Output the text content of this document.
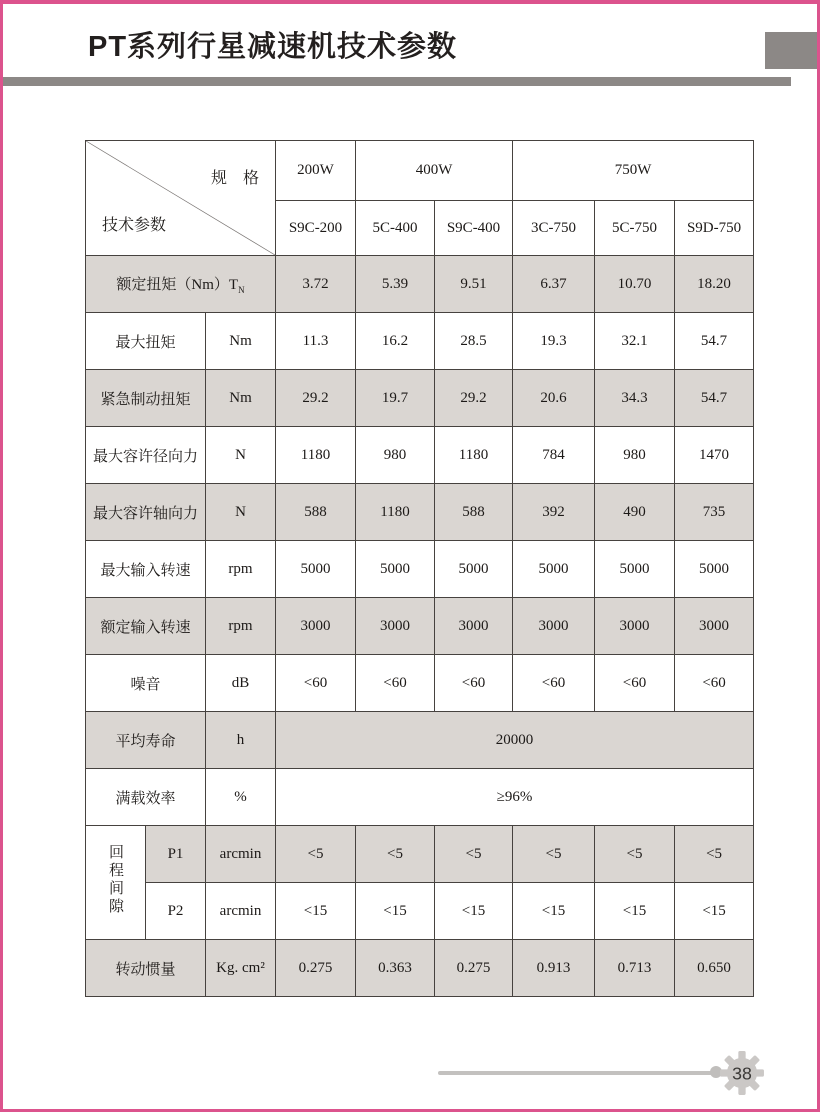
PT系列行星减速机技术参数
规　格
技术参数			200W	400W		750W		
			S9C-200	5C-400	S9C-400	3C-750	5C-750	S9D-750
额定扭矩$(Nm)T_N$			3.72	5.39	9.51	6.37	10.70	18.20
最大扭矩		Nm	11.3	16.2	28.5	19.3	32.1	54.7
紧急制动扭矩		Nm	29.2	19.7	29.2	20.6	34.3	54.7
最大容许径向力		N	1180	980	1180	784	980	1470
最大容许轴向力		N	588	1180	588	392	490	735
最大输入转速		rpm	5000	5000	5000	5000	5000	5000
额定输入转速		rpm	3000	3000	3000	3000	3000	3000
噪音		dB	<60	<60	<60	<60	<60	<60
平均寿命		h	20000					
满载效率		%	≥96%					
回程间隙	P1	arcmin	<5	<5	<5	<5	<5	<5
	P2	arcmin	<15	<15	<15	<15	<15	<15
转动惯量		Kg. cm²	0.275	0.363	0.275	0.913	0.713	0.650
38
